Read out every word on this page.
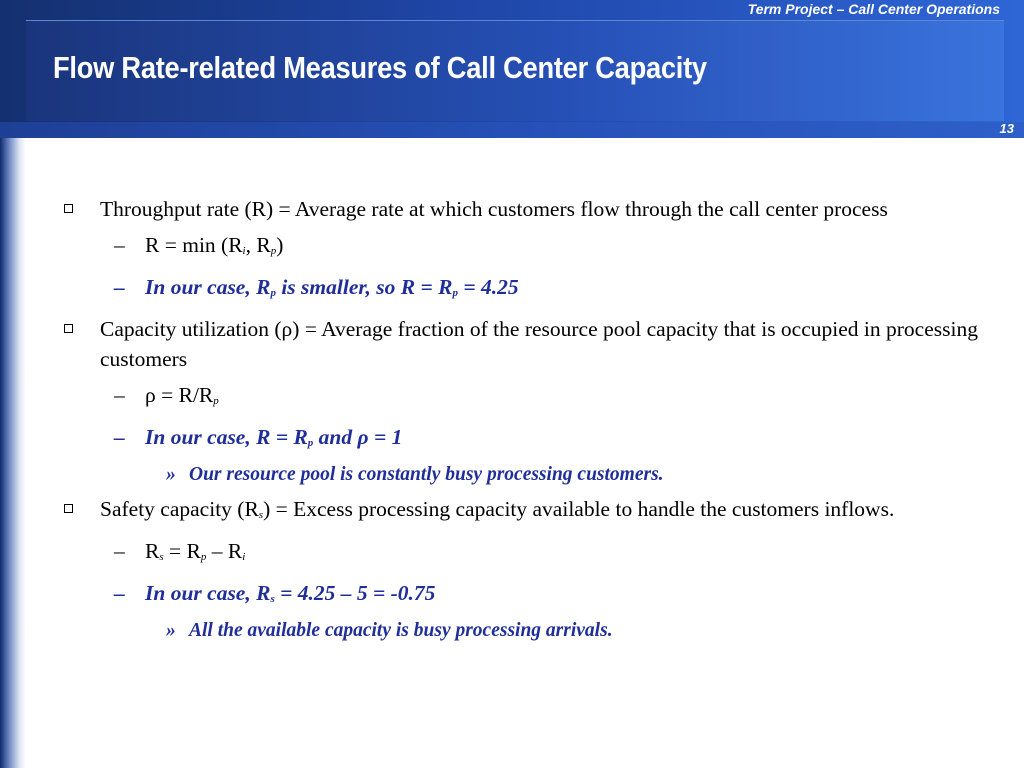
Term Project – Call Center Operations
Flow Rate-related Measures of Call Center Capacity
13
Throughput rate (R) = Average rate at which customers flow through the call center process
– R = min (Ri, Rp)
– In our case, Rp is smaller, so R = Rp = 4.25
Capacity utilization (ρ) = Average fraction of the resource pool capacity that is occupied in processing customers
– ρ = R/Rp
– In our case, R = Rp and ρ = 1
» Our resource pool is constantly busy processing customers.
Safety capacity (Rs) = Excess processing capacity available to handle the customers inflows.
– Rs = Rp – Ri
– In our case, Rs = 4.25 – 5 = -0.75
» All the available capacity is busy processing arrivals.
